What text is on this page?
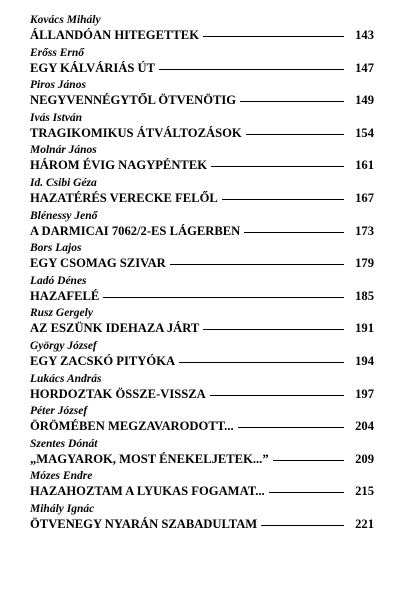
Kovács Mihály
ÁLLANDÓAN HITEGETTEK	143
Erőss Ernő
EGY KÁLVÁRIÁS ÚT	147
Piros János
NEGYVENNÉGYTŐL ÖTVENÖTIG	149
Ivás István
TRAGIKOMIKUS ÁTVÁLTOZÁSOK	154
Molnár János
HÁROM ÉVIG NAGYPÉNTEK	161
Id. Csibi Géza
HAZATÉRÉS VERECKE FELŐL	167
Blénessy Jenő
A DARMICAI 7062/2-ES LÁGERBEN	173
Bors Lajos
EGY CSOMAG SZIVAR	179
Ladó Dénes
HAZAFELÉ	185
Rusz Gergely
AZ ESZÜNK IDEHAZA JÁRT	191
György József
EGY ZACSKÓ PITYÓKA	194
Lukács András
HORDOZTAK ÖSSZE-VISSZA	197
Péter József
ÖRÖMÉBEN MEGZAVARODOTT...	204
Szentes Dónát
„MAGYAROK, MOST ÉNEKELJETEK...”	209
Mózes Endre
HAZAHOZTAM A LYUKAS FOGAMAT...	215
Mihály Ignác
ÖTVENEGY NYARÁN SZABADULTAM	221
